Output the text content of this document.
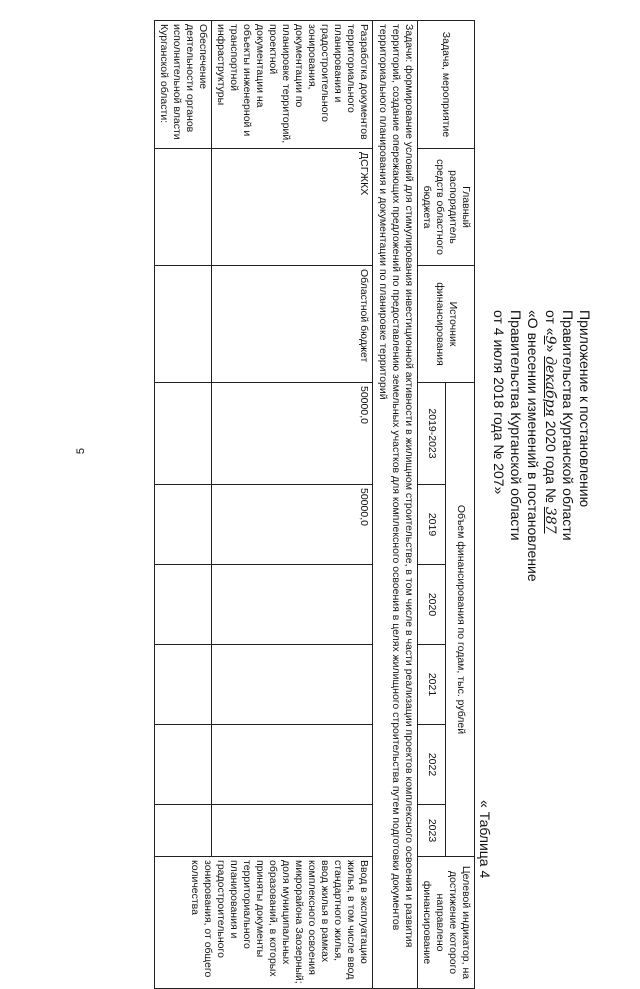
5	Приложение к постановлению
Правительства Курганской области
от «9» декабря 2020 года № 387
«О внесении изменений в постановление
Правительства Курганской области
от 4 июля 2018 года № 207»
« Таблица 4
Задача, мероприятие	Главный распорядитель средств областного бюджета	Источник финансирования	Объем финансирования по годам, тыс. рублей						Целевой индикатор, на достижение которого направлено финансирование
			2019-2023	2019	2020	2021	2022	2023	
Задачи: формирование условий для стимулирования инвестиционной активности в жилищном строительстве, в том числе в части реализации проектов комплексного освоения и развития территорий, создание опережающих предложений по предоставлению земельных участков для комплексного освоения в целях жилищного строительства путем подготовки документов территориального планирования и документации по планировке территорий									
Разработка документов территориального планирования и градостроительного зонирования, документации по планировке территорий, проектной документации на объекты инженерной и транспортной инфраструктуры	ДСГЖКХ	Областной бюджет	50000,0	50000,0					Ввод в эксплуатацию жилья, в том числе ввод стандартного жилья, ввод жилья в рамках комплексного освоения микрорайона Заозерный; доля муниципальных образований, в которых приняты документы территориального планирования и градостроительного зонирования, от общего количества
Обеспечение деятельности органов исполнительной власти Курганской области:									
